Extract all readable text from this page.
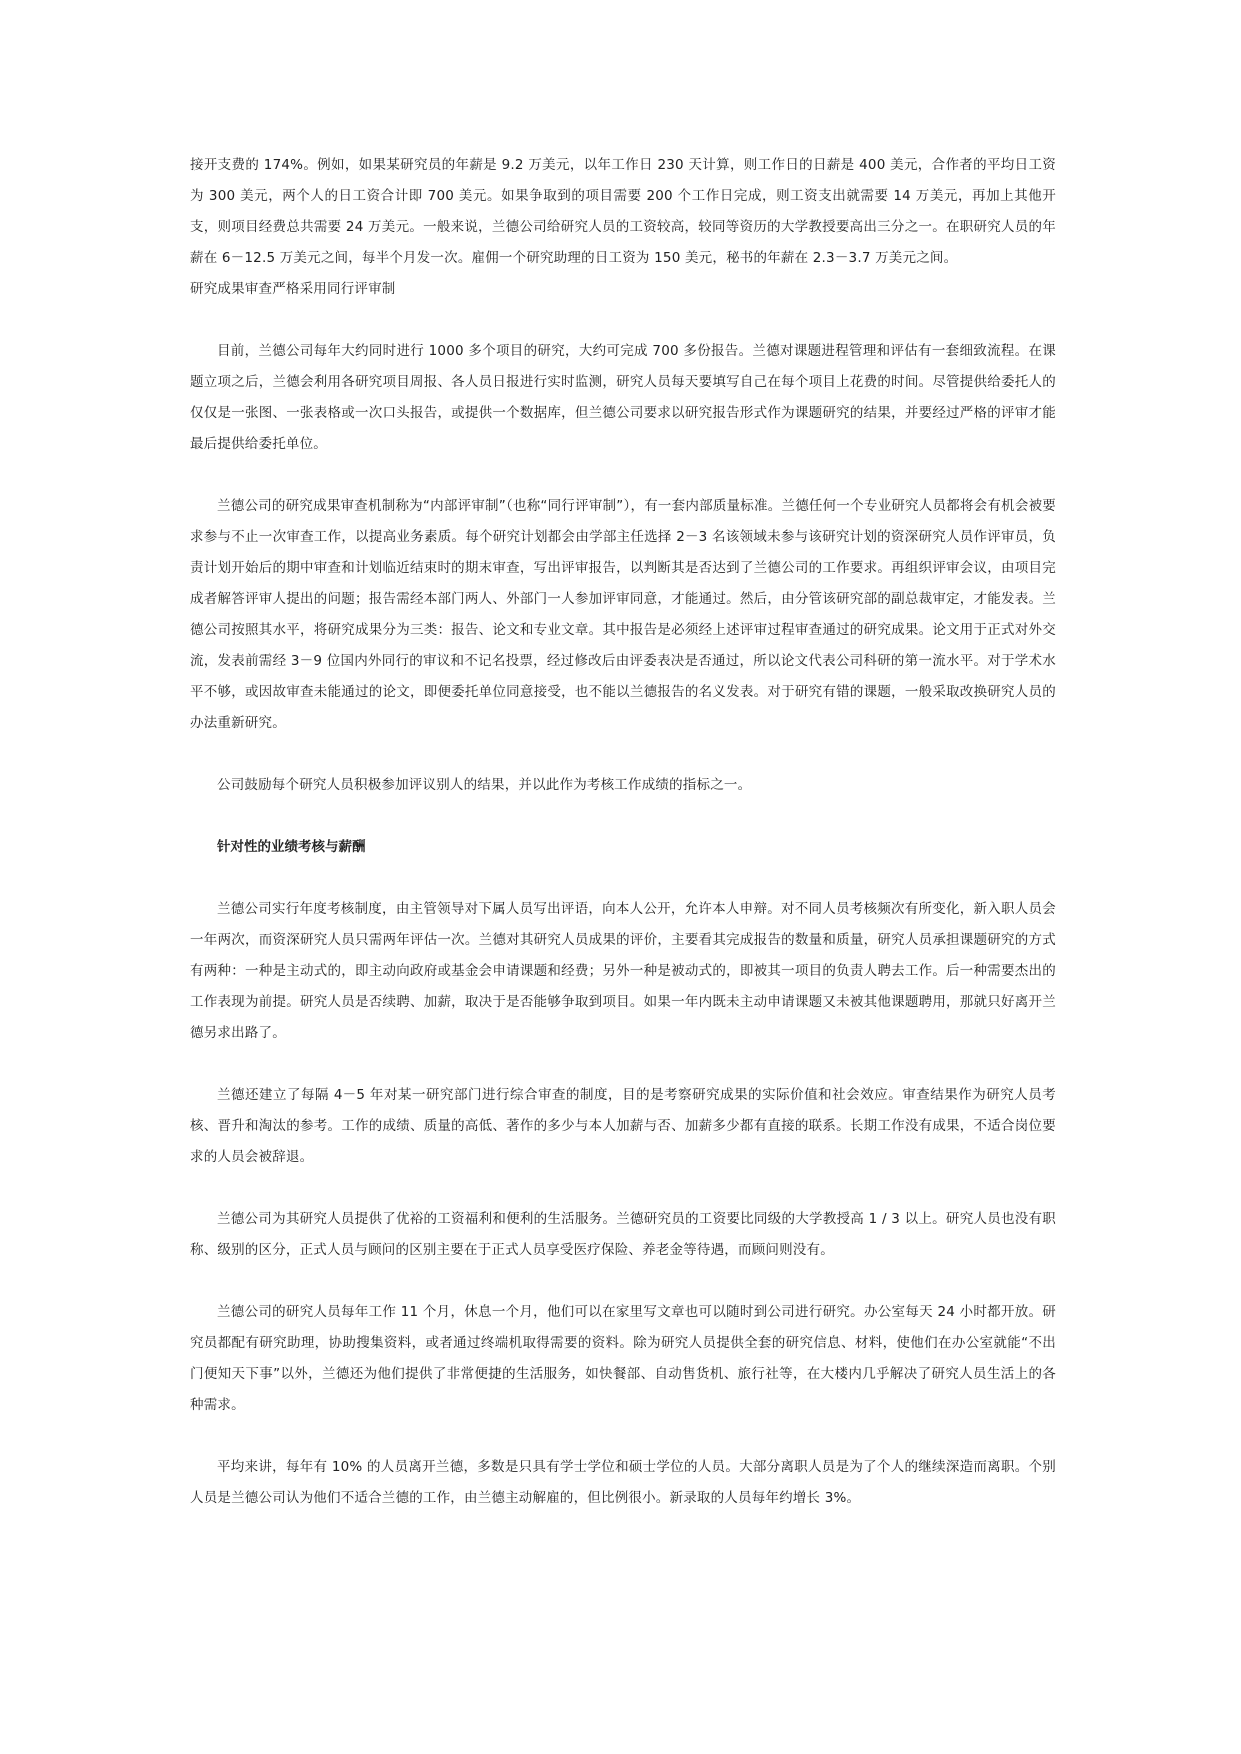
接开支费的 174%。例如，如果某研究员的年薪是 9.2 万美元，以年工作日 230 天计算，则工作日的日薪是 400 美元，合作者的平均日工资为 300 美元，两个人的日工资合计即 700 美元。如果争取到的项目需要 200 个工作日完成，则工资支出就需要 14 万美元，再加上其他开支，则项目经费总共需要 24 万美元。一般来说，兰德公司给研究人员的工资较高，较同等资历的大学教授要高出三分之一。在职研究人员的年薪在 6－12.5 万美元之间，每半个月发一次。雇佣一个研究助理的日工资为 150 美元，秘书的年薪在 2.3－3.7 万美元之间。

研究成果审查严格采用同行评审制

目前，兰德公司每年大约同时进行 1000 多个项目的研究，大约可完成 700 多份报告。兰德对课题进程管理和评估有一套细致流程。在课题立项之后，兰德会利用各研究项目周报、各人员日报进行实时监测，研究人员每天要填写自己在每个项目上花费的时间。尽管提供给委托人的仅仅是一张图、一张表格或一次口头报告，或提供一个数据库，但兰德公司要求以研究报告形式作为课题研究的结果，并要经过严格的评审才能最后提供给委托单位。

兰德公司的研究成果审查机制称为“内部评审制”（也称“同行评审制”），有一套内部质量标准。兰德任何一个专业研究人员都将会有机会被要求参与不止一次审查工作，以提高业务素质。每个研究计划都会由学部主任选择 2－3 名该领域未参与该研究计划的资深研究人员作评审员，负责计划开始后的期中审查和计划临近结束时的期末审查，写出评审报告，以判断其是否达到了兰德公司的工作要求。再组织评审会议，由项目完成者解答评审人提出的问题；报告需经本部门两人、外部门一人参加评审同意，才能通过。然后，由分管该研究部的副总裁审定，才能发表。兰德公司按照其水平，将研究成果分为三类：报告、论文和专业文章。其中报告是必须经上述评审过程审查通过的研究成果。论文用于正式对外交流，发表前需经 3－9 位国内外同行的审议和不记名投票，经过修改后由评委表决是否通过，所以论文代表公司科研的第一流水平。对于学术水平不够，或因故审查未能通过的论文，即便委托单位同意接受，也不能以兰德报告的名义发表。对于研究有错的课题，一般采取改换研究人员的办法重新研究。

公司鼓励每个研究人员积极参加评议别人的结果，并以此作为考核工作成绩的指标之一。

针对性的业绩考核与薪酬

兰德公司实行年度考核制度，由主管领导对下属人员写出评语，向本人公开，允许本人申辩。对不同人员考核频次有所变化，新入职人员会一年两次，而资深研究人员只需两年评估一次。兰德对其研究人员成果的评价，主要看其完成报告的数量和质量，研究人员承担课题研究的方式有两种：一种是主动式的，即主动向政府或基金会申请课题和经费；另外一种是被动式的，即被其一项目的负责人聘去工作。后一种需要杰出的工作表现为前提。研究人员是否续聘、加薪，取决于是否能够争取到项目。如果一年内既未主动申请课题又未被其他课题聘用，那就只好离开兰德另求出路了。

兰德还建立了每隔 4－5 年对某一研究部门进行综合审查的制度，目的是考察研究成果的实际价值和社会效应。审查结果作为研究人员考核、晋升和淘汰的参考。工作的成绩、质量的高低、著作的多少与本人加薪与否、加薪多少都有直接的联系。长期工作没有成果，不适合岗位要求的人员会被辞退。

兰德公司为其研究人员提供了优裕的工资福利和便利的生活服务。兰德研究员的工资要比同级的大学教授高 1 / 3 以上。研究人员也没有职称、级别的区分，正式人员与顾问的区别主要在于正式人员享受医疗保险、养老金等待遇，而顾问则没有。

兰德公司的研究人员每年工作 11 个月，休息一个月，他们可以在家里写文章也可以随时到公司进行研究。办公室每天 24 小时都开放。研究员都配有研究助理，协助搜集资料，或者通过终端机取得需要的资料。除为研究人员提供全套的研究信息、材料，使他们在办公室就能“不出门便知天下事”以外，兰德还为他们提供了非常便捷的生活服务，如快餐部、自动售货机、旅行社等，在大楼内几乎解决了研究人员生活上的各种需求。

平均来讲，每年有 10% 的人员离开兰德，多数是只具有学士学位和硕士学位的人员。大部分离职人员是为了个人的继续深造而离职。个别人员是兰德公司认为他们不适合兰德的工作，由兰德主动解雇的，但比例很小。新录取的人员每年约增长 3%。
